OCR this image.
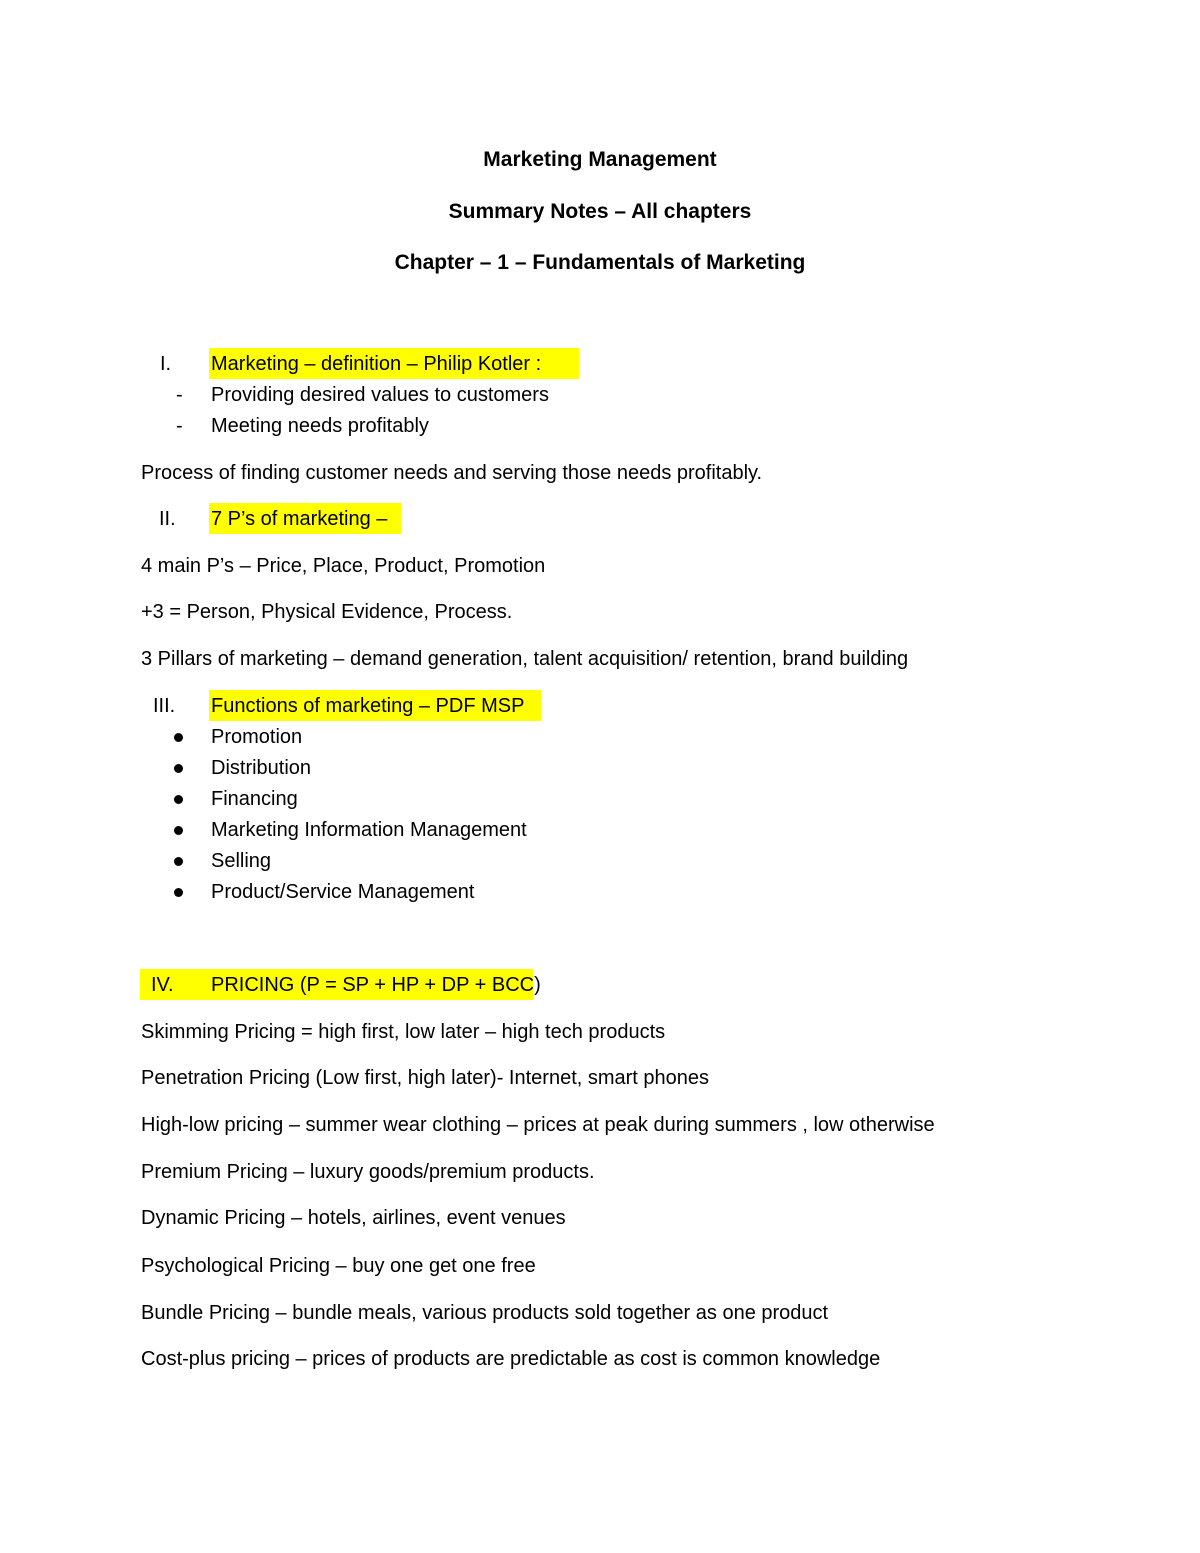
Marketing Management
Summary Notes – All chapters
Chapter – 1 – Fundamentals of Marketing
I. Marketing – definition – Philip Kotler :
- Providing desired values to customers
- Meeting needs profitably
Process of finding customer needs and serving those needs profitably.
II. 7 P’s of marketing –
4 main P’s – Price, Place, Product, Promotion
+3 = Person, Physical Evidence, Process.
3 Pillars of marketing – demand generation, talent acquisition/ retention, brand building
III. Functions of marketing – PDF MSP
Promotion
Distribution
Financing
Marketing Information Management
Selling
Product/Service Management
IV. PRICING (P = SP + HP + DP + BCC)
Skimming Pricing = high first, low later – high tech products
Penetration Pricing (Low first, high later)- Internet, smart phones
High-low pricing – summer wear clothing – prices at peak during summers , low otherwise
Premium Pricing – luxury goods/premium products.
Dynamic Pricing – hotels, airlines, event venues
Psychological Pricing – buy one get one free
Bundle Pricing – bundle meals, various products sold together as one product
Cost-plus pricing – prices of products are predictable as cost is common knowledge
